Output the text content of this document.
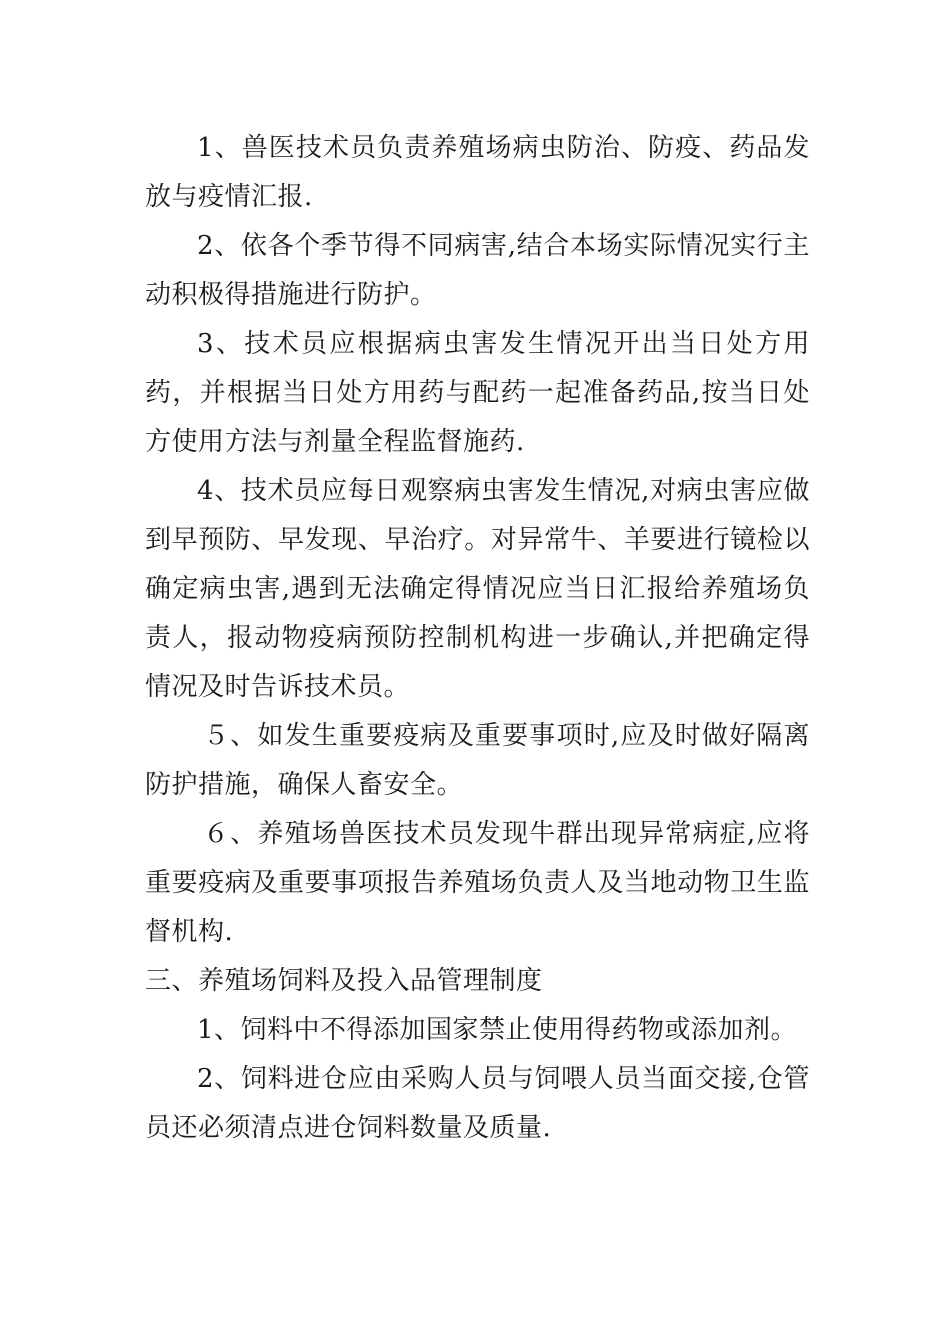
1、兽医技术员负责养殖场病虫防治、防疫、药品发放与疫情汇报.

2、依各个季节得不同病害,结合本场实际情况实行主动积极得措施进行防护。

3、技术员应根据病虫害发生情况开出当日处方用药，并根据当日处方用药与配药一起准备药品,按当日处方使用方法与剂量全程监督施药.

4、技术员应每日观察病虫害发生情况,对病虫害应做到早预防、早发现、早治疗。对异常牛、羊要进行镜检以确定病虫害,遇到无法确定得情况应当日汇报给养殖场负责人，报动物疫病预防控制机构进一步确认,并把确定得情况及时告诉技术员。

５、如发生重要疫病及重要事项时,应及时做好隔离防护措施，确保人畜安全。

６、养殖场兽医技术员发现牛群出现异常病症,应将重要疫病及重要事项报告养殖场负责人及当地动物卫生监督机构.

三、养殖场饲料及投入品管理制度

1、饲料中不得添加国家禁止使用得药物或添加剂。

2、饲料进仓应由采购人员与饲喂人员当面交接,仓管员还必须清点进仓饲料数量及质量.
